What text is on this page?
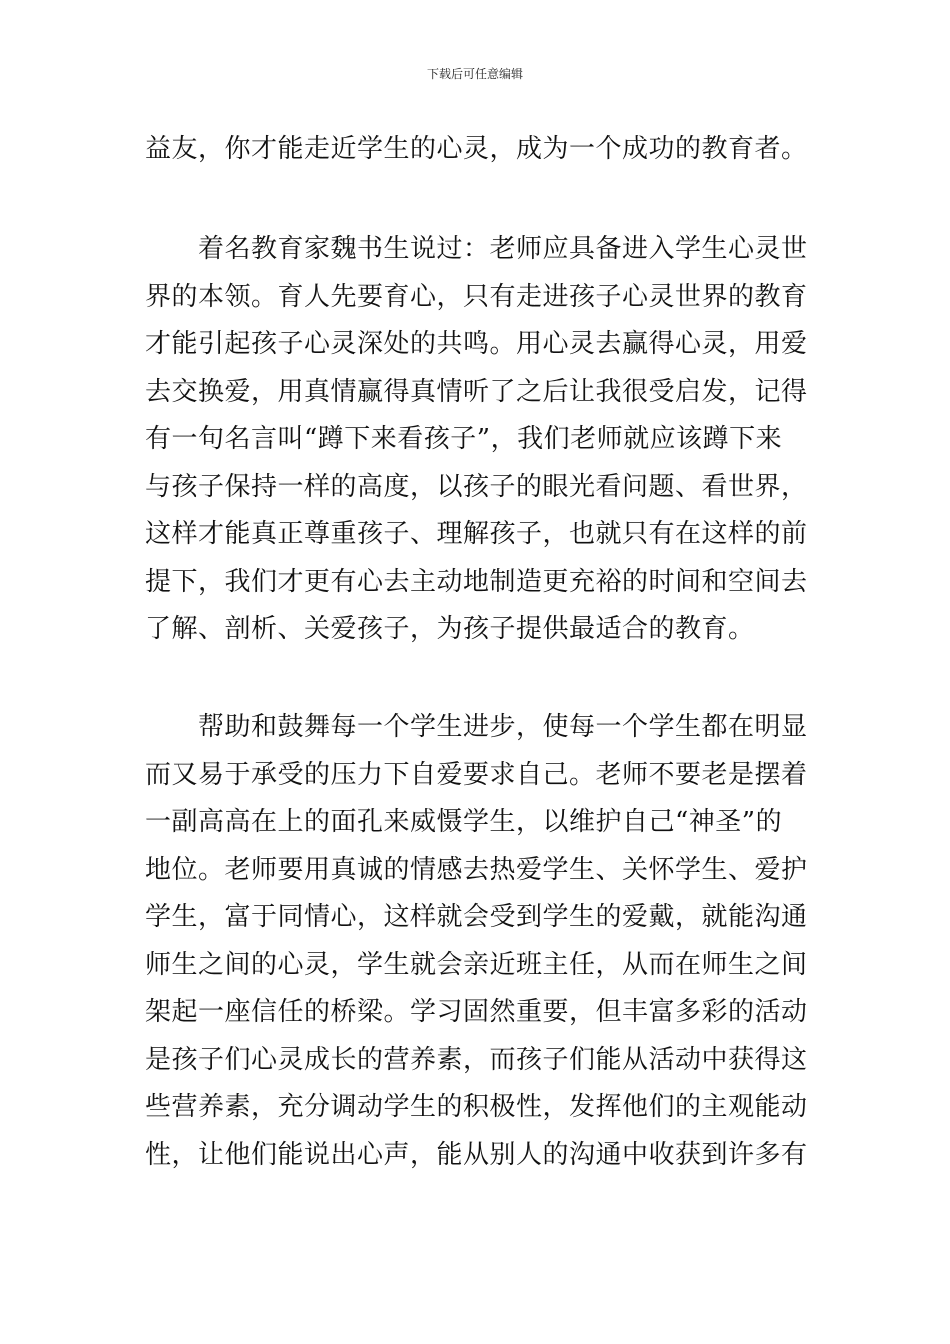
下载后可任意编辑
益友，你才能走近学生的心灵，成为一个成功的教育者。
　　着名教育家魏书生说过：老师应具备进入学生心灵世
界的本领。育人先要育心，只有走进孩子心灵世界的教育
才能引起孩子心灵深处的共鸣。用心灵去赢得心灵，用爱
去交换爱，用真情赢得真情听了之后让我很受启发，记得
有一句名言叫“蹲下来看孩子”，我们老师就应该蹲下来
与孩子保持一样的高度，以孩子的眼光看问题、看世界，
这样才能真正尊重孩子、理解孩子，也就只有在这样的前
提下，我们才更有心去主动地制造更充裕的时间和空间去
了解、剖析、关爱孩子，为孩子提供最适合的教育。
　　帮助和鼓舞每一个学生进步，使每一个学生都在明显
而又易于承受的压力下自爱要求自己。老师不要老是摆着
一副高高在上的面孔来威慑学生，以维护自己“神圣”的
地位。老师要用真诚的情感去热爱学生、关怀学生、爱护
学生，富于同情心，这样就会受到学生的爱戴，就能沟通
师生之间的心灵，学生就会亲近班主任，从而在师生之间
架起一座信任的桥梁。学习固然重要，但丰富多彩的活动
是孩子们心灵成长的营养素，而孩子们能从活动中获得这
些营养素，充分调动学生的积极性，发挥他们的主观能动
性，让他们能说出心声，能从别人的沟通中收获到许多有
